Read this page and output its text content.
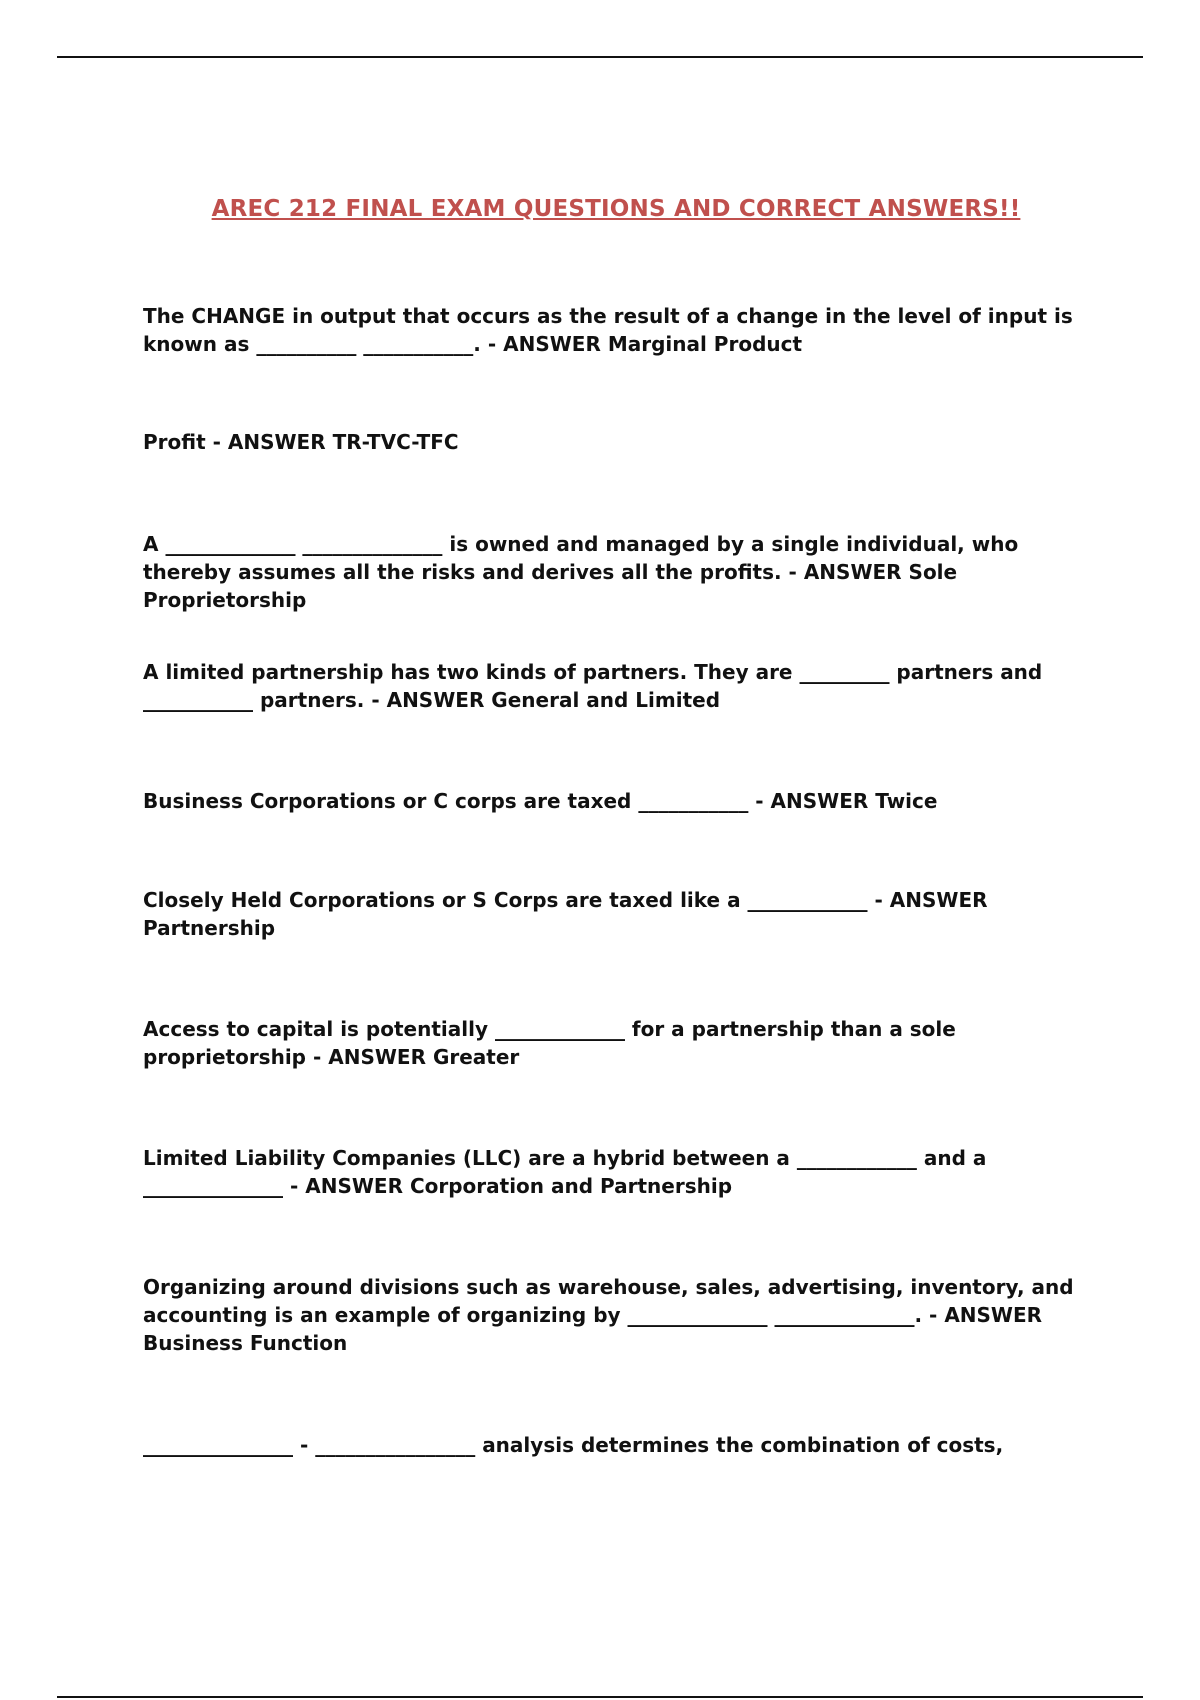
AREC 212 FINAL EXAM QUESTIONS AND CORRECT ANSWERS!!
The CHANGE in output that occurs as the result of a change in the level of input is known as __________ ___________. - ANSWER Marginal Product
Profit - ANSWER TR-TVC-TFC
A _____________ ______________ is owned and managed by a single individual, who thereby assumes all the risks and derives all the profits. - ANSWER Sole Proprietorship
A limited partnership has two kinds of partners. They are _________ partners and ___________ partners. - ANSWER General and Limited
Business Corporations or C corps are taxed ___________ - ANSWER Twice
Closely Held Corporations or S Corps are taxed like a ____________ - ANSWER Partnership
Access to capital is potentially _____________ for a partnership than a sole proprietorship - ANSWER Greater
Limited Liability Companies (LLC) are a hybrid between a ____________ and a ______________ - ANSWER Corporation and Partnership
Organizing around divisions such as warehouse, sales, advertising, inventory, and accounting is an example of organizing by ______________ ______________. - ANSWER Business Function
_______________ - ________________ analysis determines the combination of costs,
